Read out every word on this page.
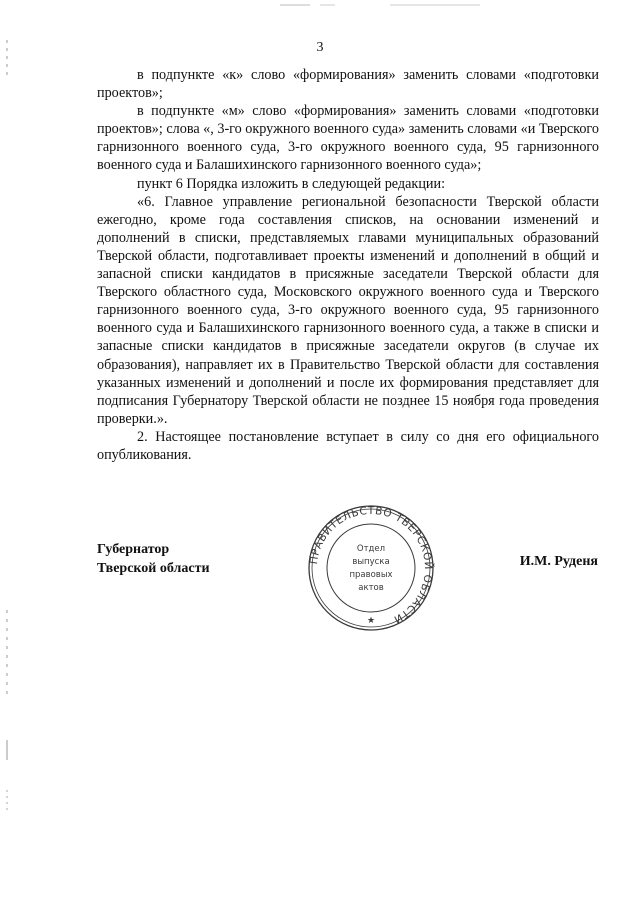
3

в подпункте «к» слово «формирования» заменить словами «подготовки проектов»;

в подпункте «м» слово «формирования» заменить словами «подготовки проектов»; слова «, 3-го окружного военного суда» заменить словами «и Тверского гарнизонного военного суда, 3-го окружного военного суда, 95 гарнизонного военного суда и Балашихинского гарнизонного военного суда»;

пункт 6 Порядка изложить в следующей редакции:

«6. Главное управление региональной безопасности Тверской области ежегодно, кроме года составления списков, на основании изменений и дополнений в списки, представляемых главами муниципальных образований Тверской области, подготавливает проекты изменений и дополнений в общий и запасной списки кандидатов в присяжные заседатели Тверской области для Тверского областного суда, Московского окружного военного суда и Тверского гарнизонного военного суда, 3-го окружного военного суда, 95 гарнизонного военного суда и Балашихинского гарнизонного военного суда, а также в списки и запасные списки кандидатов в присяжные заседатели округов (в случае их образования), направляет их в Правительство Тверской области для составления указанных изменений и дополнений и после их формирования представляет для подписания Губернатору Тверской области не позднее 15 ноября года проведения проверки.».

2. Настоящее постановление вступает в силу со дня его официального опубликования.

Губернатор
Тверской области	И.М. Руденя
ПРАВИТЕЛЬСТВО ТВЕРСКОЙ ОБЛАСТИ
Отдел
выпуска
правовых
актов
★
